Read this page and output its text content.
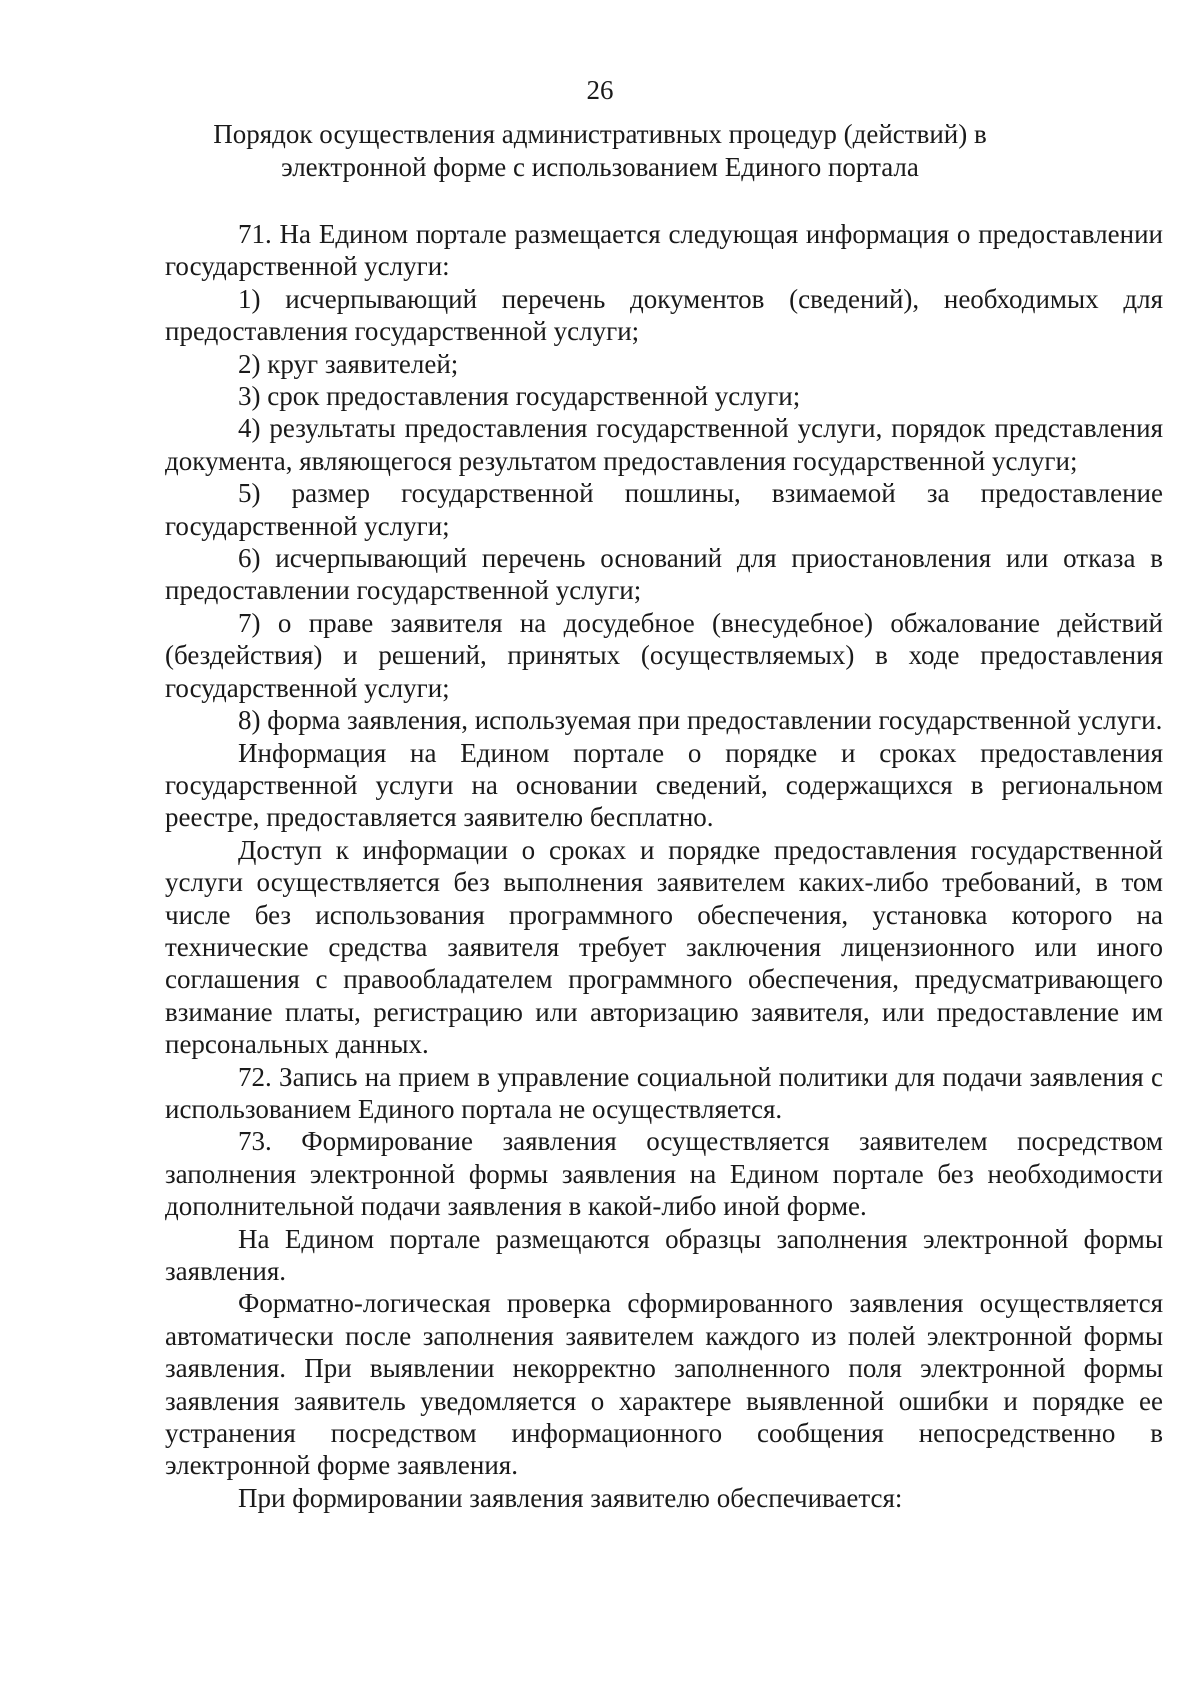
26
Порядок осуществления административных процедур (действий) в электронной форме с использованием Единого портала

71. На Едином портале размещается следующая информация о предоставлении государственной услуги:

1) исчерпывающий перечень документов (сведений), необходимых для предоставления государственной услуги;

2) круг заявителей;

3) срок предоставления государственной услуги;

4) результаты предоставления государственной услуги, порядок представления документа, являющегося результатом предоставления государственной услуги;

5) размер государственной пошлины, взимаемой за предоставление государственной услуги;

6) исчерпывающий перечень оснований для приостановления или отказа в предоставлении государственной услуги;

7) о праве заявителя на досудебное (внесудебное) обжалование действий (бездействия) и решений, принятых (осуществляемых) в ходе предоставления государственной услуги;

8) форма заявления, используемая при предоставлении государственной услуги.

Информация на Едином портале о порядке и сроках предоставления государственной услуги на основании сведений, содержащихся в региональном реестре, предоставляется заявителю бесплатно.

Доступ к информации о сроках и порядке предоставления государственной услуги осуществляется без выполнения заявителем каких-либо требований, в том числе без использования программного обеспечения, установка которого на технические средства заявителя требует заключения лицензионного или иного соглашения с правообладателем программного обеспечения, предусматривающего взимание платы, регистрацию или авторизацию заявителя, или предоставление им персональных данных.

72. Запись на прием в управление социальной политики для подачи заявления с использованием Единого портала не осуществляется.

73. Формирование заявления осуществляется заявителем посредством заполнения электронной формы заявления на Едином портале без необходимости дополнительной подачи заявления в какой-либо иной форме.

На Едином портале размещаются образцы заполнения электронной формы заявления.

Форматно-логическая проверка сформированного заявления осуществляется автоматически после заполнения заявителем каждого из полей электронной формы заявления. При выявлении некорректно заполненного поля электронной формы заявления заявитель уведомляется о характере выявленной ошибки и порядке ее устранения посредством информационного сообщения непосредственно в электронной форме заявления.

При формировании заявления заявителю обеспечивается:
